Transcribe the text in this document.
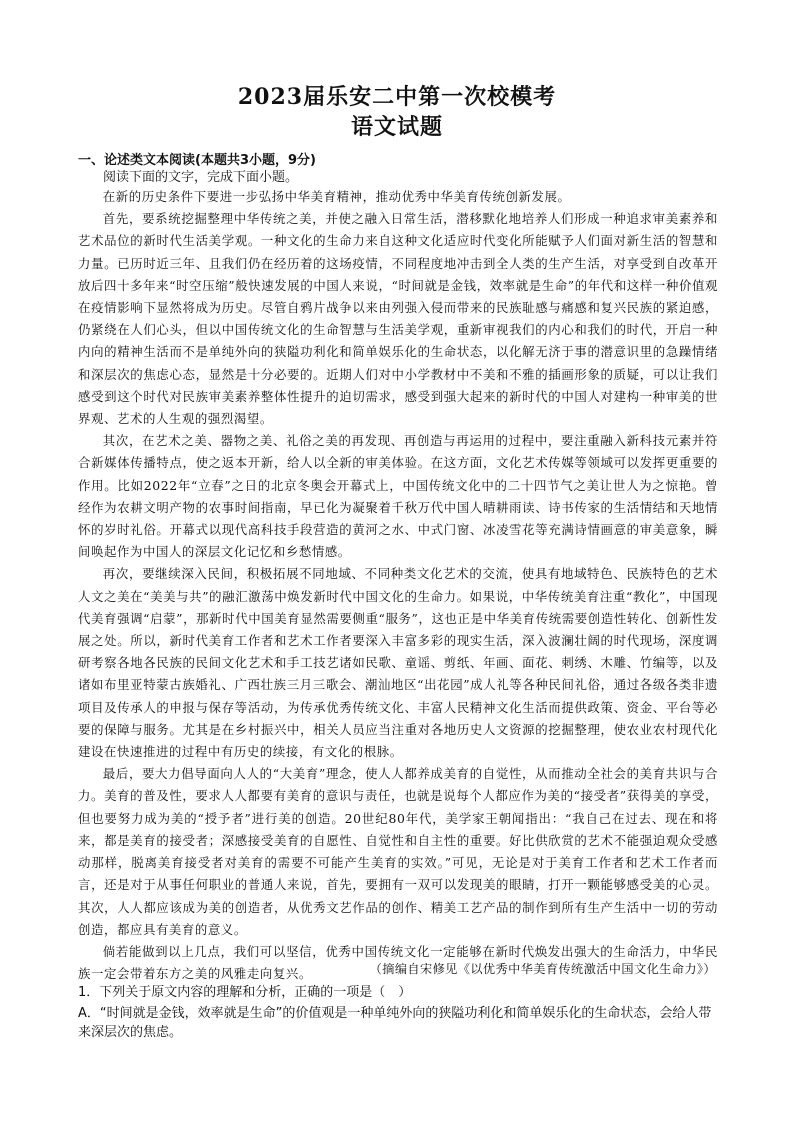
2023届乐安二中第一次校模考
语文试题
一、论述类文本阅读(本题共3小题，9分)
阅读下面的文字，完成下面小题。

在新的历史条件下要进一步弘扬中华美育精神，推动优秀中华美育传统创新发展。

首先，要系统挖掘整理中华传统之美，并使之融入日常生活，潜移默化地培养人们形成一种追求审美素养和艺术品位的新时代生活美学观。一种文化的生命力来自这种文化适应时代变化所能赋予人们面对新生活的智慧和力量。已历时近三年、且我们仍在经历着的这场疫情，不同程度地冲击到全人类的生产生活，对享受到自改革开放后四十多年来“时空压缩”般快速发展的中国人来说，“时间就是金钱，效率就是生命”的年代和这样一种价值观在疫情影响下显然将成为历史。尽管自鸦片战争以来由列强入侵而带来的民族耻感与痛感和复兴民族的紧迫感，仍紧绕在人们心头，但以中国传统文化的生命智慧与生活美学观，重新审视我们的内心和我们的时代，开启一种内向的精神生活而不是单纯外向的狭隘功利化和简单娱乐化的生命状态，以化解无济于事的潜意识里的急躁情绪和深层次的焦虑心态，显然是十分必要的。近期人们对中小学教材中不美和不雅的插画形象的质疑，可以让我们感受到这个时代对民族审美素养整体性提升的迫切需求，感受到强大起来的新时代的中国人对建构一种审美的世界观、艺术的人生观的强烈渴望。

其次，在艺术之美、器物之美、礼俗之美的再发现、再创造与再运用的过程中，要注重融入新科技元素并符合新媒体传播特点，使之返本开新，给人以全新的审美体验。在这方面，文化艺术传媒等领域可以发挥更重要的作用。比如2022年“立春”之日的北京冬奥会开幕式上，中国传统文化中的二十四节气之美让世人为之惊艳。曾经作为农耕文明产物的农事时间指南，早已化为凝聚着千秋万代中国人晴耕雨读、诗书传家的生活情结和天地情怀的岁时礼俗。开幕式以现代高科技手段营造的黄河之水、中式门窗、冰凌雪花等充满诗情画意的审美意象，瞬间唤起作为中国人的深层文化记忆和乡愁情感。

再次，要继续深入民间，积极拓展不同地域、不同种类文化艺术的交流，使具有地域特色、民族特色的艺术人文之美在“美美与共”的融汇激荡中焕发新时代中国文化的生命力。如果说，中华传统美育注重“教化”，中国现代美育强调“启蒙”，那新时代中国美育显然需要侧重“服务”，这也正是中华美育传统需要创造性转化、创新性发展之处。所以，新时代美育工作者和艺术工作者要深入丰富多彩的现实生活，深入波澜壮阔的时代现场，深度调研考察各地各民族的民间文化艺术和手工技艺诸如民歌、童谣、剪纸、年画、面花、刺绣、木雕、竹编等，以及诸如布里亚特蒙古族婚礼、广西壮族三月三歌会、潮汕地区“出花园”成人礼等各种民间礼俗，通过各级各类非遗项目及传承人的申报与保存等活动，为传承优秀传统文化、丰富人民精神文化生活而提供政策、资金、平台等必要的保障与服务。尤其是在乡村振兴中，相关人员应当注重对各地历史人文资源的挖掘整理，使农业农村现代化建设在快速推进的过程中有历史的续接，有文化的根脉。

最后，要大力倡导面向人人的“大美育”理念，使人人都养成美育的自觉性，从而推动全社会的美育共识与合力。美育的普及性，要求人人都要有美育的意识与责任，也就是说每个人都应作为美的“接受者”获得美的享受，但也要努力成为美的“授予者”进行美的创造。20世纪80年代，美学家王朝闻指出：“我自己在过去、现在和将来，都是美育的接受者；深感接受美育的自愿性、自觉性和自主性的重要。好比供欣赏的艺术不能强迫观众受感动那样，脱离美育接受者对美育的需要不可能产生美育的实效。”可见，无论是对于美育工作者和艺术工作者而言，还是对于从事任何职业的普通人来说，首先，要拥有一双可以发现美的眼睛，打开一颗能够感受美的心灵。其次，人人都应该成为美的创造者，从优秀文艺作品的创作、精美工艺产品的制作到所有生产生活中一切的劳动创造，都应具有美育的意义。

倘若能做到以上几点，我们可以坚信，优秀中国传统文化一定能够在新时代焕发出强大的生命活力，中华民族一定会带着东方之美的风雅走向复兴。	（摘编自宋修见《以优秀中华美育传统激活中国文化生命力》）

1．下列关于原文内容的理解和分析，正确的一项是（　）

A．“时间就是金钱，效率就是生命”的价值观是一种单纯外向的狭隘功利化和简单娱乐化的生命状态，会给人带来深层次的焦虑。
